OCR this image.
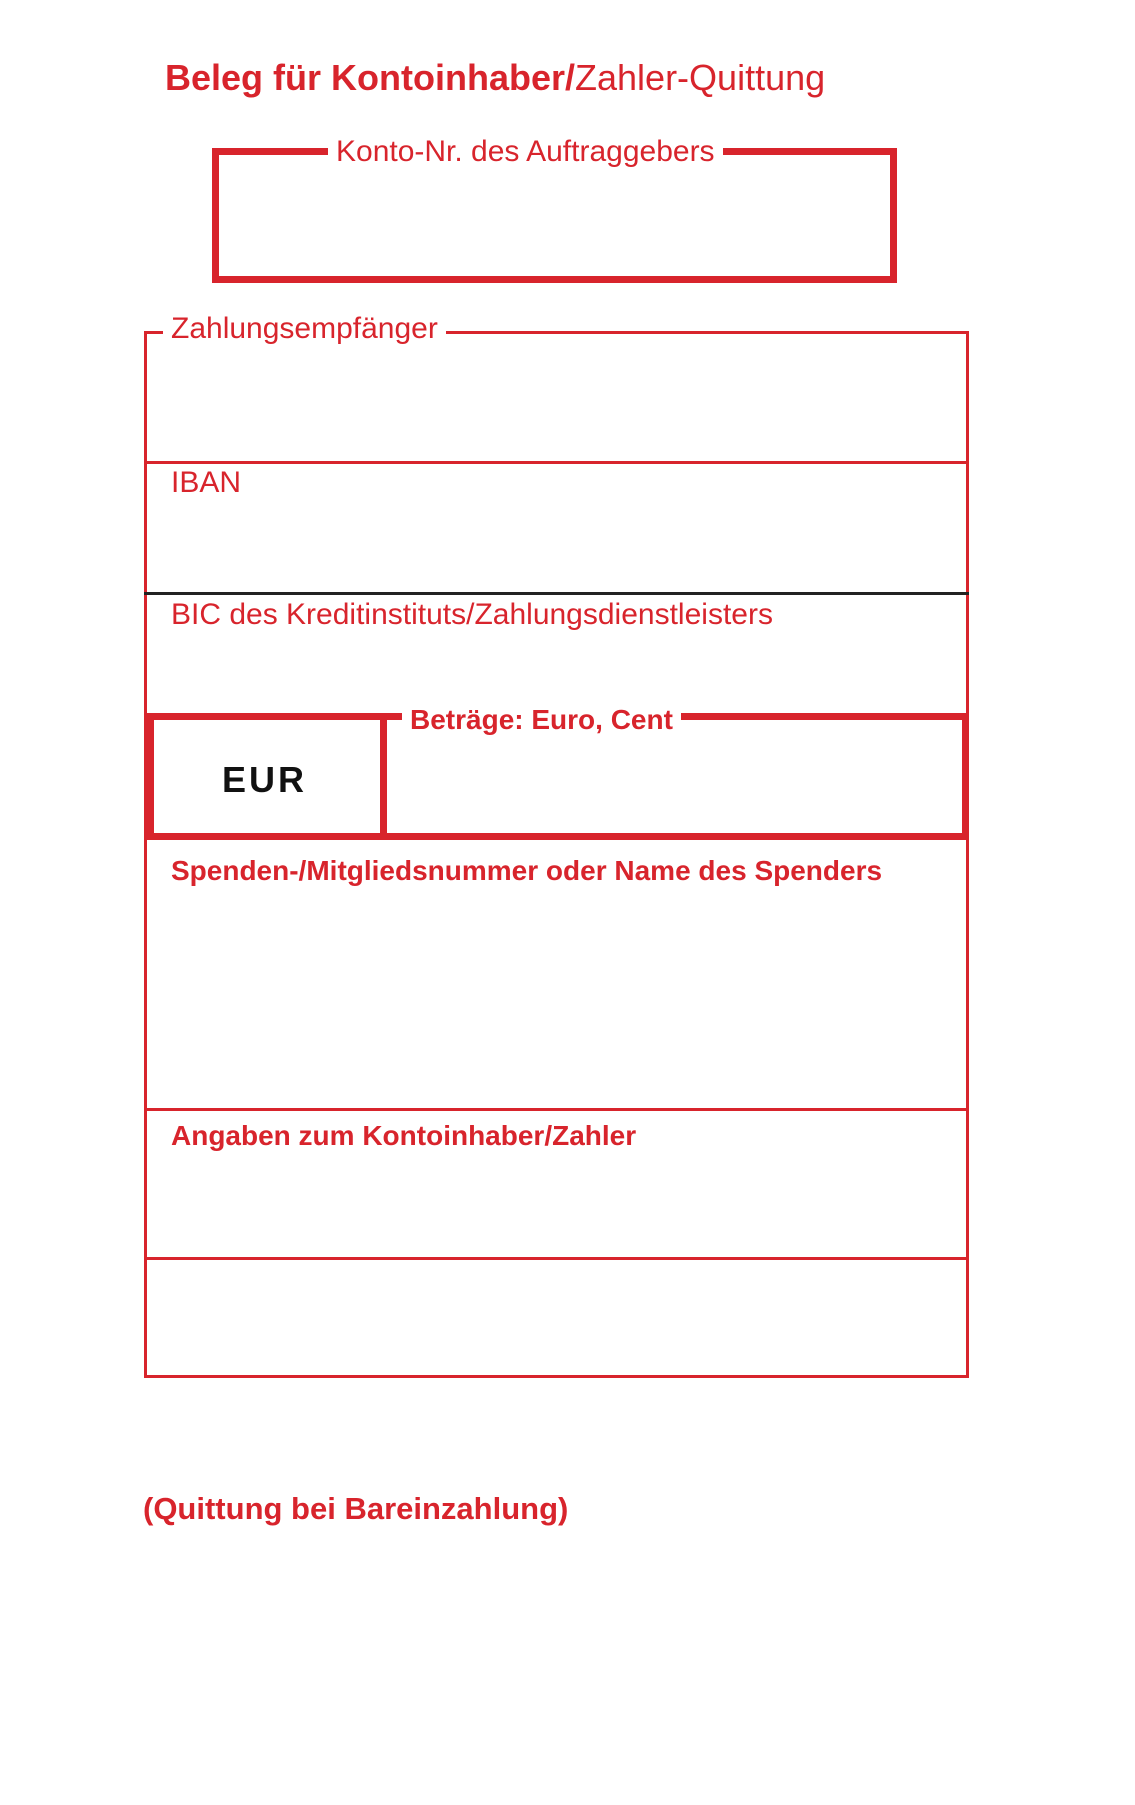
Beleg für Kontoinhaber/Zahler-Quittung
Konto-Nr. des Auftraggebers
Zahlungsempfänger
IBAN
BIC des Kreditinstituts/Zahlungsdienstleisters
EUR
Beträge: Euro, Cent
Spenden-/Mitgliedsnummer oder Name des Spenders
Angaben zum Kontoinhaber/Zahler
(Quittung bei Bareinzahlung)
